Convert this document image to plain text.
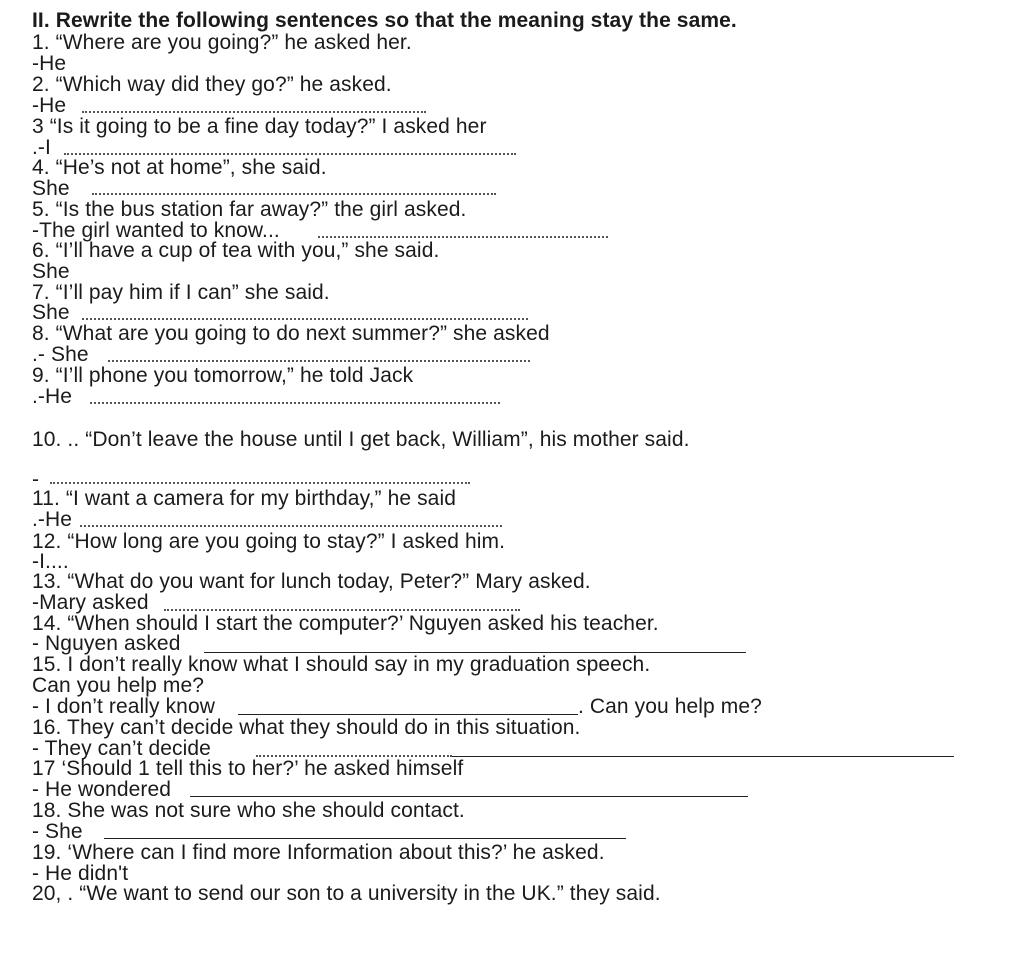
II. Rewrite the following sentences so that the meaning stay the same.
1. “Where are you going?” he asked her.
-He
2. “Which way did they go?” he asked.
-He
3 “Is it going to be a fine day today?” I asked her
.-I
4. “He’s not at home”, she said.
She
5. “Is the bus station far away?” the girl asked.
-The girl wanted to know...
6. “I’ll have a cup of tea with you,” she said.
She
7. “I’ll pay him if I can” she said.
She
8. “What are you going to do next summer?” she asked
.- She
9. “I’ll phone you tomorrow,” he told Jack
.-He
10. .. “Don’t leave the house until I get back, William”, his mother said.
-
11. “I want a camera for my birthday,” he said
.-He
12. “How long are you going to stay?” I asked him.
-I....
13. “What do you want for lunch today, Peter?” Mary asked.
-Mary asked
14. “When should I start the computer?’ Nguyen asked his teacher.
- Nguyen asked
15. I don’t really know what I should say in my graduation speech.
Can you help me?
- I don’t really know	. Can you help me?
16. They can’t decide what they should do in this situation.
- They can’t decide
17 ‘Should 1 tell this to her?’ he asked himself
- He wondered
18. She was not sure who she should contact.
- She
19. ‘Where can I find more Information about this?’ he asked.
- He didn't
20, . “We want to send our son to a university in the UK.” they said.
